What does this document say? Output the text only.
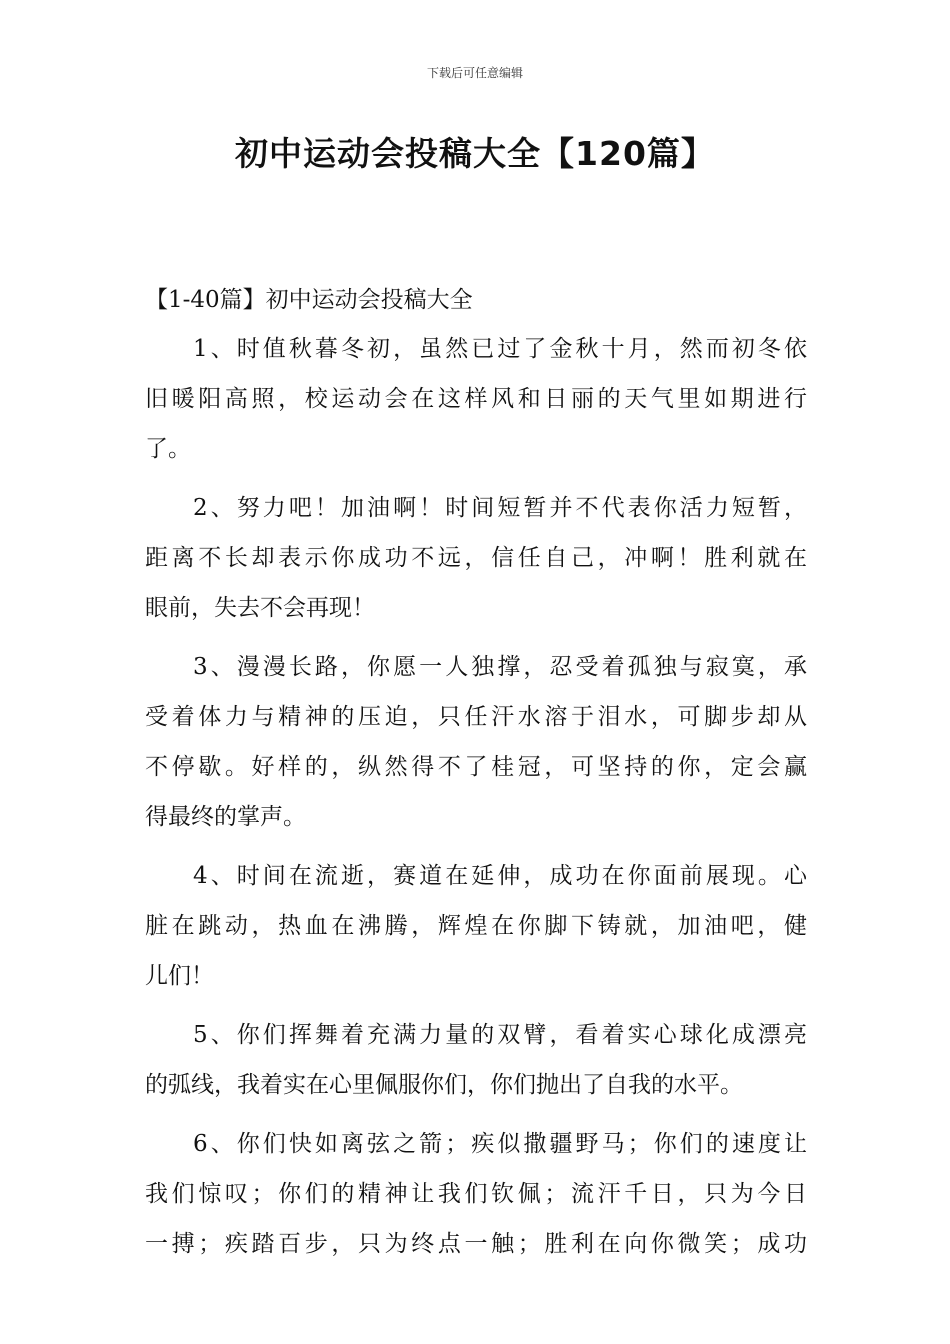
下载后可任意编辑
初中运动会投稿大全【120篇】
【1-40篇】初中运动会投稿大全
1、时值秋暮冬初，虽然已过了金秋十月，然而初冬依
旧暖阳高照，校运动会在这样风和日丽的天气里如期进行
了。
2、努力吧！加油啊！时间短暂并不代表你活力短暂，
距离不长却表示你成功不远，信任自己，冲啊！胜利就在
眼前，失去不会再现！
3、漫漫长路，你愿一人独撑，忍受着孤独与寂寞，承
受着体力与精神的压迫，只任汗水溶于泪水，可脚步却从
不停歇。好样的，纵然得不了桂冠，可坚持的你，定会赢
得最终的掌声。
4、时间在流逝，赛道在延伸，成功在你面前展现。心
脏在跳动，热血在沸腾，辉煌在你脚下铸就，加油吧，健
儿们！
5、你们挥舞着充满力量的双臂，看着实心球化成漂亮
的弧线，我着实在心里佩服你们，你们抛出了自我的水平。
6、你们快如离弦之箭；疾似撒疆野马；你们的速度让
我们惊叹；你们的精神让我们钦佩；流汗千日，只为今日
一搏；疾踏百步，只为终点一触；胜利在向你微笑；成功
